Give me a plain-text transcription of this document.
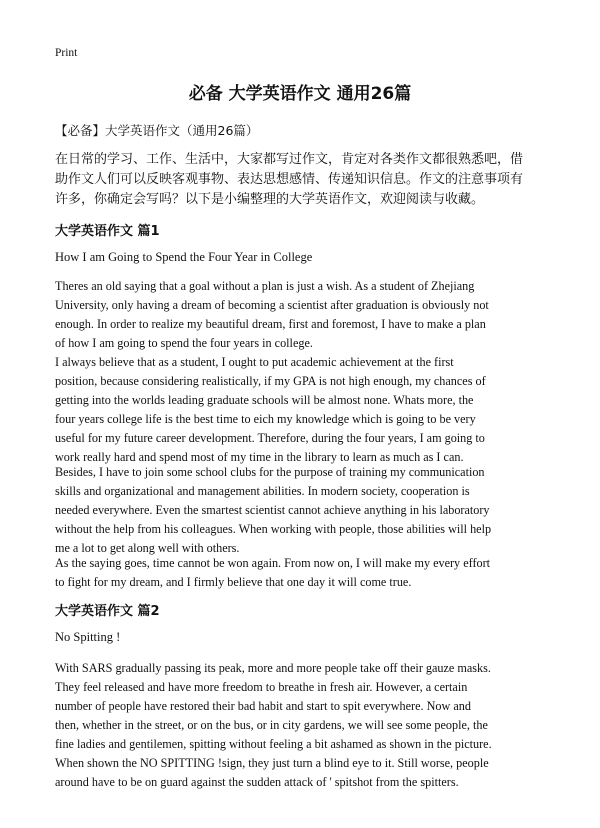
Print
必备 大学英语作文 通用26篇
【必备】大学英语作文（通用26篇）
在日常的学习、工作、生活中，大家都写过作文，肯定对各类作文都很熟悉吧，借
助作文人们可以反映客观事物、表达思想感情、传递知识信息。作文的注意事项有
许多，你确定会写吗？以下是小编整理的大学英语作文，欢迎阅读与收藏。
大学英语作文 篇1
How I am Going to Spend the Four Year in College
Theres an old saying that a goal without a plan is just a wish. As a student of Zhejiang
University, only having a dream of becoming a scientist after graduation is obviously not
enough. In order to realize my beautiful dream, first and foremost, I have to make a plan
of how I am going to spend the four years in college.
I always believe that as a student, I ought to put academic achievement at the first
position, because considering realistically, if my GPA is not high enough, my chances of
getting into the worlds leading graduate schools will be almost none. Whats more, the
four years college life is the best time to eich my knowledge which is going to be very
useful for my future career development. Therefore, during the four years, I am going to
work really hard and spend most of my time in the library to learn as much as I can.
Besides, I have to join some school clubs for the purpose of training my communication
skills and organizational and management abilities. In modern society, cooperation is
needed everywhere. Even the smartest scientist cannot achieve anything in his laboratory
without the help from his colleagues. When working with people, those abilities will help
me a lot to get along well with others.
As the saying goes, time cannot be won again. From now on, I will make my every effort
to fight for my dream, and I firmly believe that one day it will come true.
大学英语作文 篇2
No Spitting !
With SARS gradually passing its peak, more and more people take off their gauze masks.
They feel released and have more freedom to breathe in fresh air. However, a certain
number of people have restored their bad habit and start to spit everywhere. Now and
then, whether in the street, or on the bus, or in city gardens, we will see some people, the
fine ladies and gentilemen, spitting without feeling a bit ashamed as shown in the picture.
When shown the NO SPITTING !sign, they just turn a blind eye to it. Still worse, people
around have to be on guard against the sudden attack of ' spitshot from the spitters.
